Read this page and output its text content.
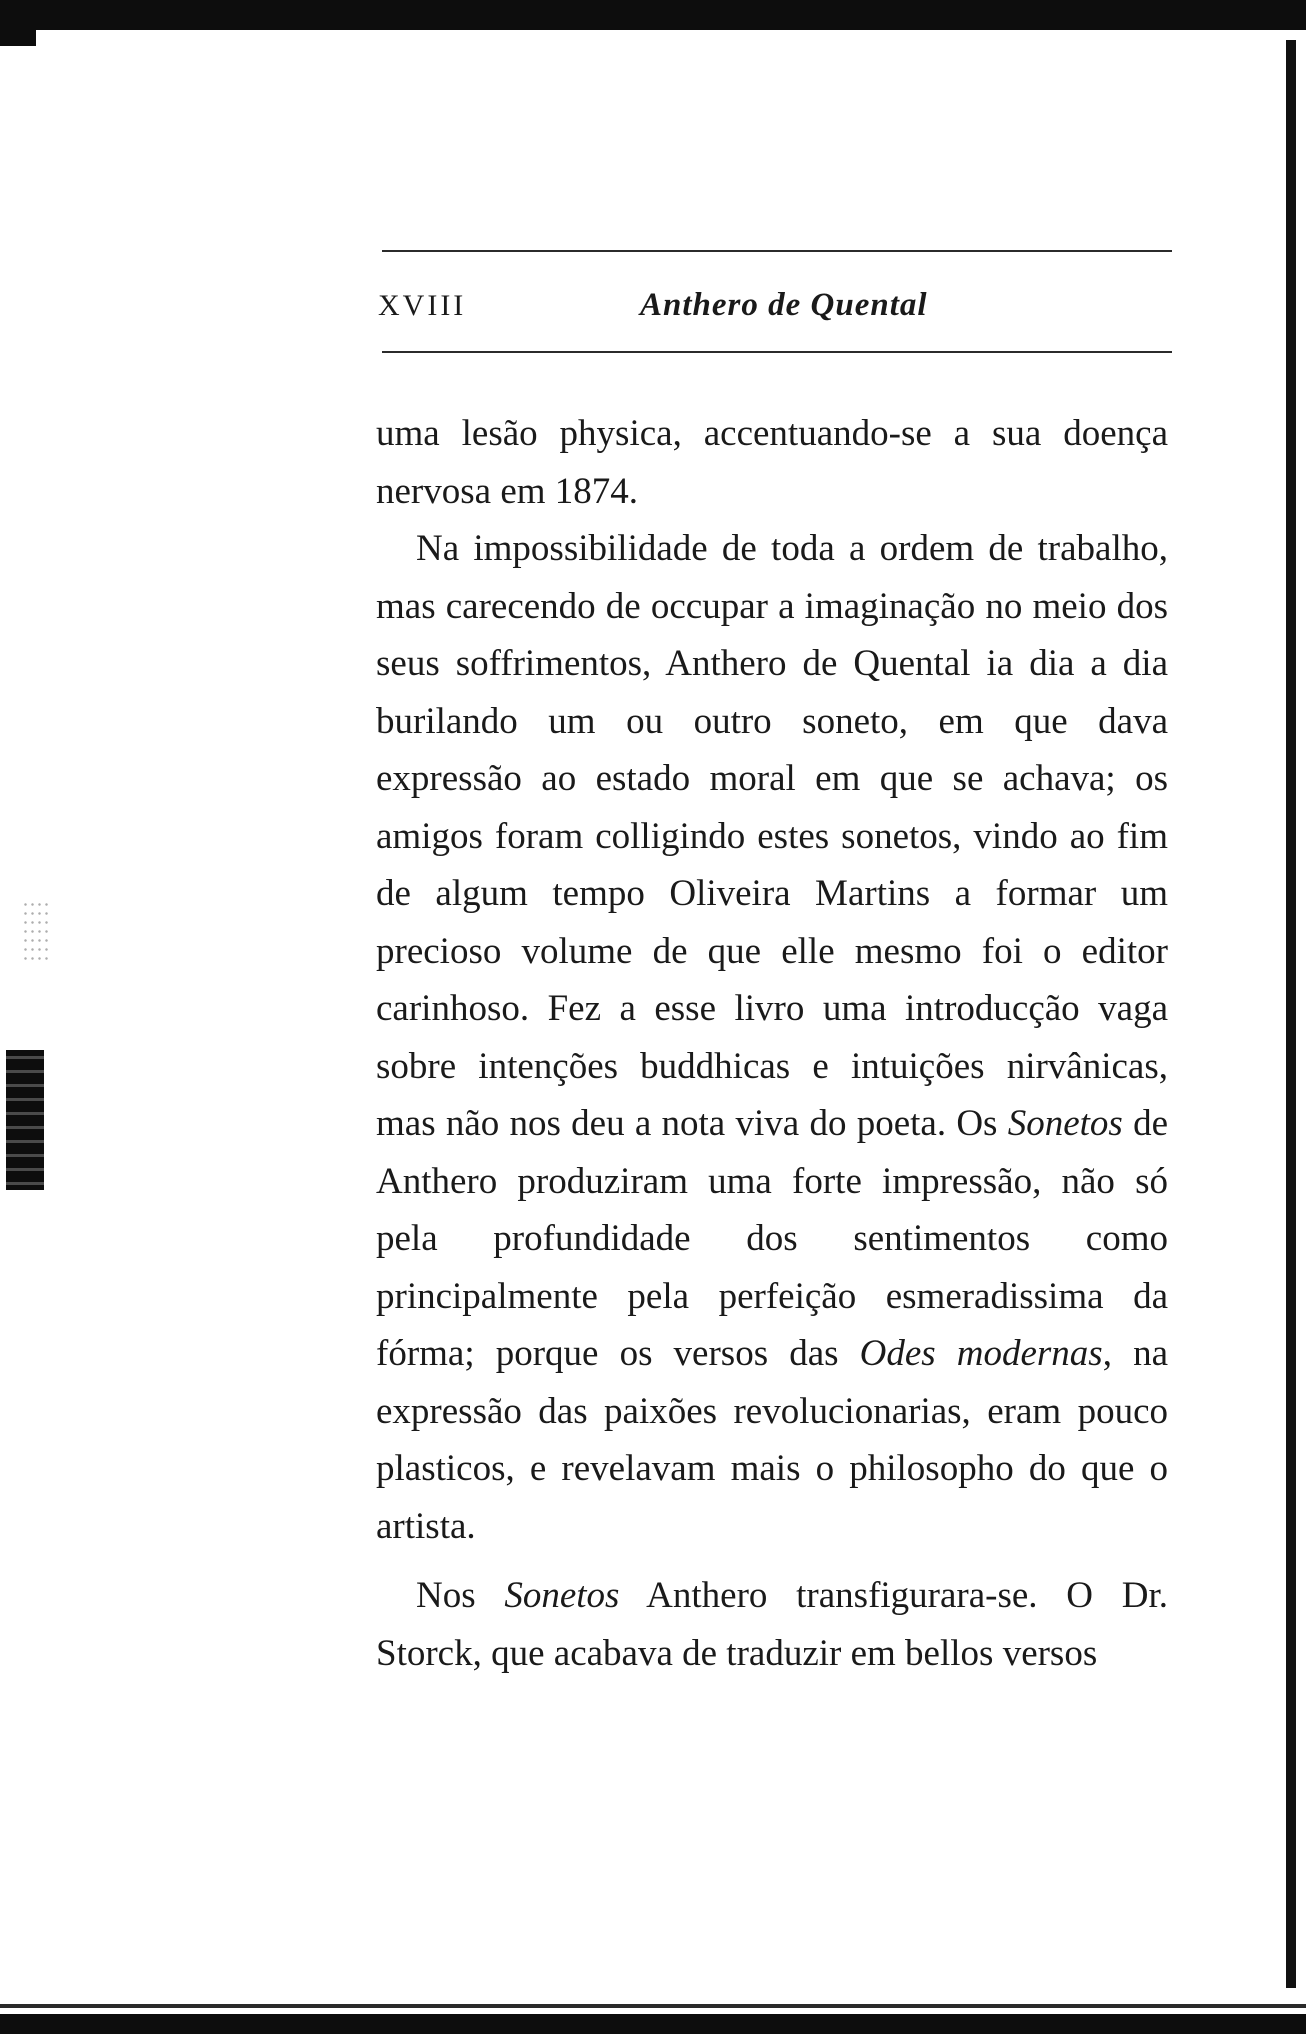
XVIII	Anthero de Quental

uma lesão physica, accentuando-se a sua doença nervosa em 1874.

Na impossibilidade de toda a ordem de trabalho, mas carecendo de occupar a imaginação no meio dos seus soffrimentos, Anthero de Quental ia dia a dia burilando um ou outro soneto, em que dava expressão ao estado moral em que se achava; os amigos foram colligindo estes sonetos, vindo ao fim de algum tempo Oliveira Martins a formar um precioso volume de que elle mesmo foi o editor carinhoso. Fez a esse livro uma introducção vaga sobre intenções buddhicas e intuições nirvânicas, mas não nos deu a nota viva do poeta. Os Sonetos de Anthero produziram uma forte impressão, não só pela profundidade dos sentimentos como principalmente pela perfeição esmeradissima da fórma; porque os versos das Odes modernas, na expressão das paixões revolucionarias, eram pouco plasticos, e revelavam mais o philosopho do que o artista.

Nos Sonetos Anthero transfigurara-se. O Dr. Storck, que acabava de traduzir em bellos versos
